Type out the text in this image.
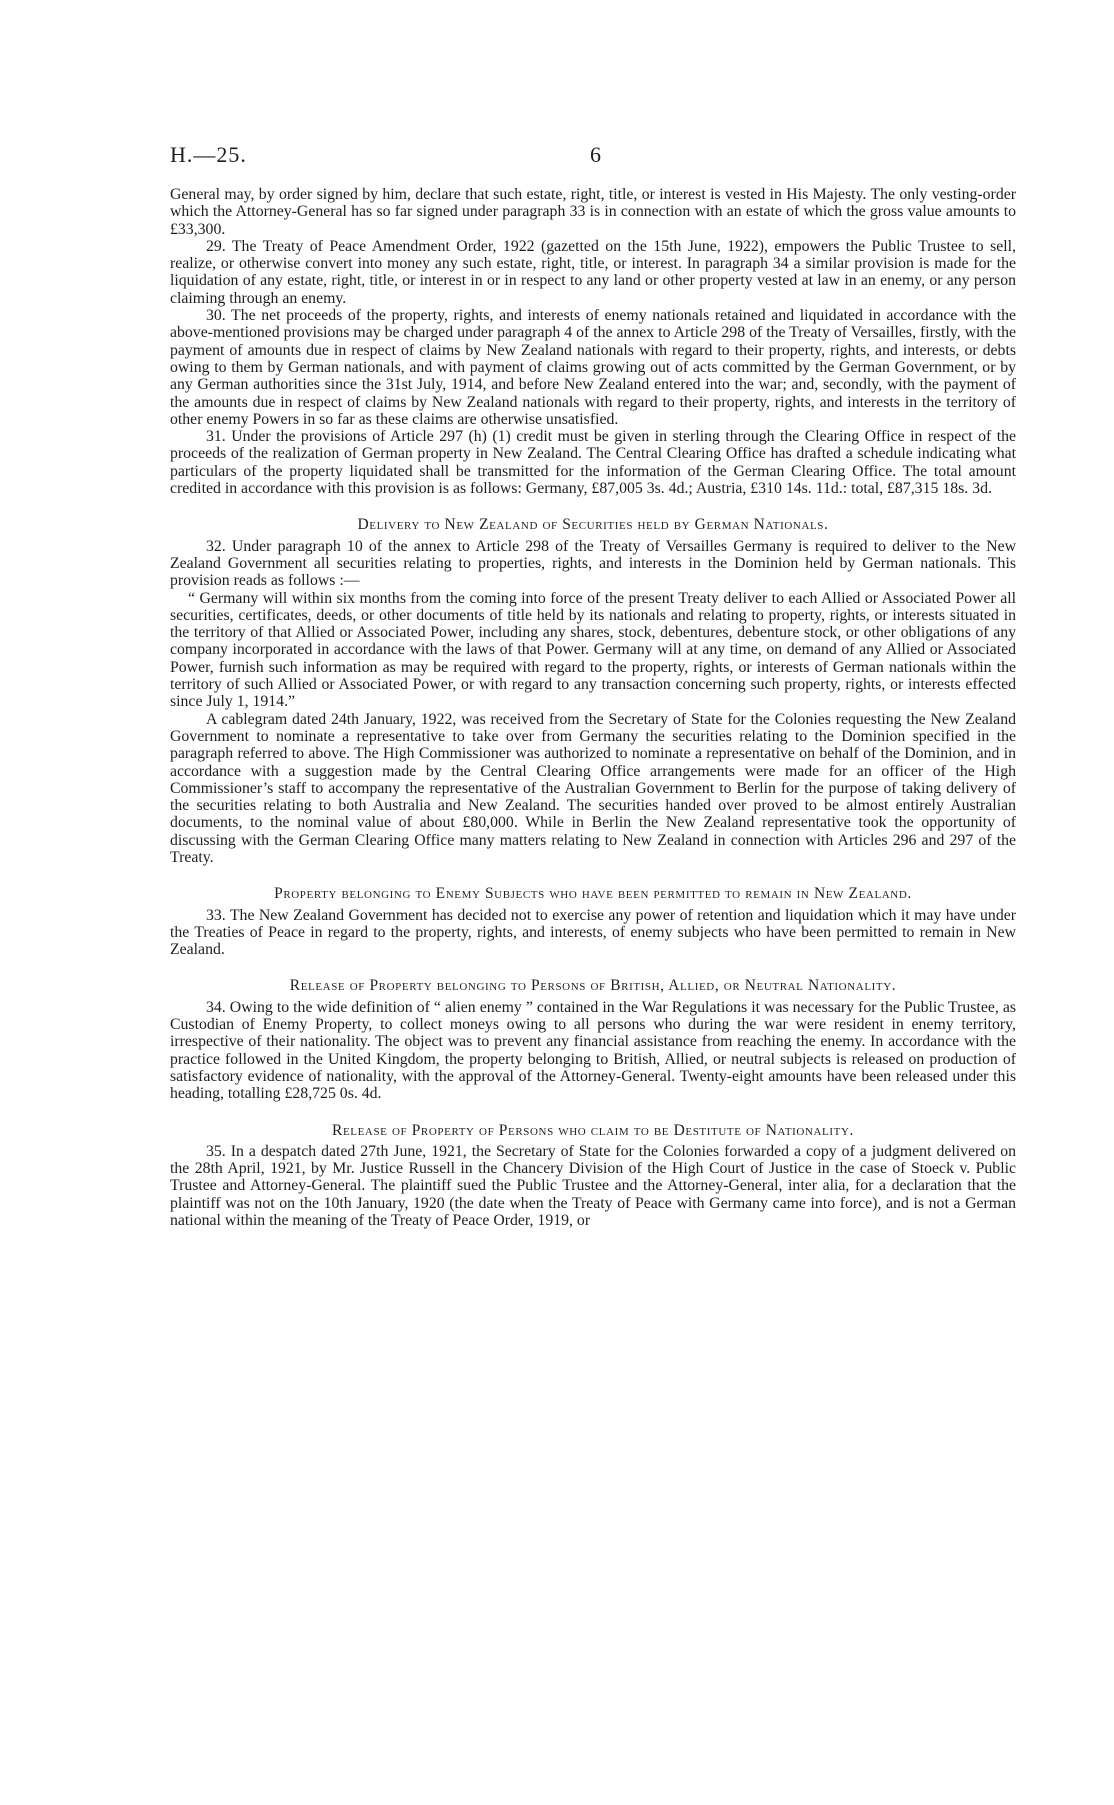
H.—25.	6

General may, by order signed by him, declare that such estate, right, title, or interest is vested in His Majesty. The only vesting-order which the Attorney-General has so far signed under paragraph 33 is in connection with an estate of which the gross value amounts to £33,300.

29. The Treaty of Peace Amendment Order, 1922 (gazetted on the 15th June, 1922), empowers the Public Trustee to sell, realize, or otherwise convert into money any such estate, right, title, or interest. In paragraph 34 a similar provision is made for the liquidation of any estate, right, title, or interest in or in respect to any land or other property vested at law in an enemy, or any person claiming through an enemy.

30. The net proceeds of the property, rights, and interests of enemy nationals retained and liquidated in accordance with the above-mentioned provisions may be charged under paragraph 4 of the annex to Article 298 of the Treaty of Versailles, firstly, with the payment of amounts due in respect of claims by New Zealand nationals with regard to their property, rights, and interests, or debts owing to them by German nationals, and with payment of claims growing out of acts committed by the German Government, or by any German authorities since the 31st July, 1914, and before New Zealand entered into the war; and, secondly, with the payment of the amounts due in respect of claims by New Zealand nationals with regard to their property, rights, and interests in the territory of other enemy Powers in so far as these claims are otherwise unsatisfied.

31. Under the provisions of Article 297 (h) (1) credit must be given in sterling through the Clearing Office in respect of the proceeds of the realization of German property in New Zealand. The Central Clearing Office has drafted a schedule indicating what particulars of the property liquidated shall be transmitted for the information of the German Clearing Office. The total amount credited in accordance with this provision is as follows: Germany, £87,005 3s. 4d.; Austria, £310 14s. 11d.: total, £87,315 18s. 3d.

Delivery to New Zealand of Securities held by German Nationals.

32. Under paragraph 10 of the annex to Article 298 of the Treaty of Versailles Germany is required to deliver to the New Zealand Government all securities relating to properties, rights, and interests in the Dominion held by German nationals. This provision reads as follows :—

“ Germany will within six months from the coming into force of the present Treaty deliver to each Allied or Associated Power all securities, certificates, deeds, or other documents of title held by its nationals and relating to property, rights, or interests situated in the territory of that Allied or Associated Power, including any shares, stock, debentures, debenture stock, or other obligations of any company incorporated in accordance with the laws of that Power. Germany will at any time, on demand of any Allied or Associated Power, furnish such information as may be required with regard to the property, rights, or interests of German nationals within the territory of such Allied or Associated Power, or with regard to any transaction concerning such property, rights, or interests effected since July 1, 1914.”

A cablegram dated 24th January, 1922, was received from the Secretary of State for the Colonies requesting the New Zealand Government to nominate a representative to take over from Germany the securities relating to the Dominion specified in the paragraph referred to above. The High Commissioner was authorized to nominate a representative on behalf of the Dominion, and in accordance with a suggestion made by the Central Clearing Office arrangements were made for an officer of the High Commissioner’s staff to accompany the representative of the Australian Government to Berlin for the purpose of taking delivery of the securities relating to both Australia and New Zealand. The securities handed over proved to be almost entirely Australian documents, to the nominal value of about £80,000. While in Berlin the New Zealand representative took the opportunity of discussing with the German Clearing Office many matters relating to New Zealand in connection with Articles 296 and 297 of the Treaty.

Property belonging to Enemy Subjects who have been permitted to remain in New Zealand.

33. The New Zealand Government has decided not to exercise any power of retention and liquidation which it may have under the Treaties of Peace in regard to the property, rights, and interests, of enemy subjects who have been permitted to remain in New Zealand.

Release of Property belonging to Persons of British, Allied, or Neutral Nationality.

34. Owing to the wide definition of “ alien enemy ” contained in the War Regulations it was necessary for the Public Trustee, as Custodian of Enemy Property, to collect moneys owing to all persons who during the war were resident in enemy territory, irrespective of their nationality. The object was to prevent any financial assistance from reaching the enemy. In accordance with the practice followed in the United Kingdom, the property belonging to British, Allied, or neutral subjects is released on production of satisfactory evidence of nationality, with the approval of the Attorney-General. Twenty-eight amounts have been released under this heading, totalling £28,725 0s. 4d.

Release of Property of Persons who claim to be Destitute of Nationality.

35. In a despatch dated 27th June, 1921, the Secretary of State for the Colonies forwarded a copy of a judgment delivered on the 28th April, 1921, by Mr. Justice Russell in the Chancery Division of the High Court of Justice in the case of Stoeck v. Public Trustee and Attorney-General. The plaintiff sued the Public Trustee and the Attorney-General, inter alia, for a declaration that the plaintiff was not on the 10th January, 1920 (the date when the Treaty of Peace with Germany came into force), and is not a German national within the meaning of the Treaty of Peace Order, 1919, or
